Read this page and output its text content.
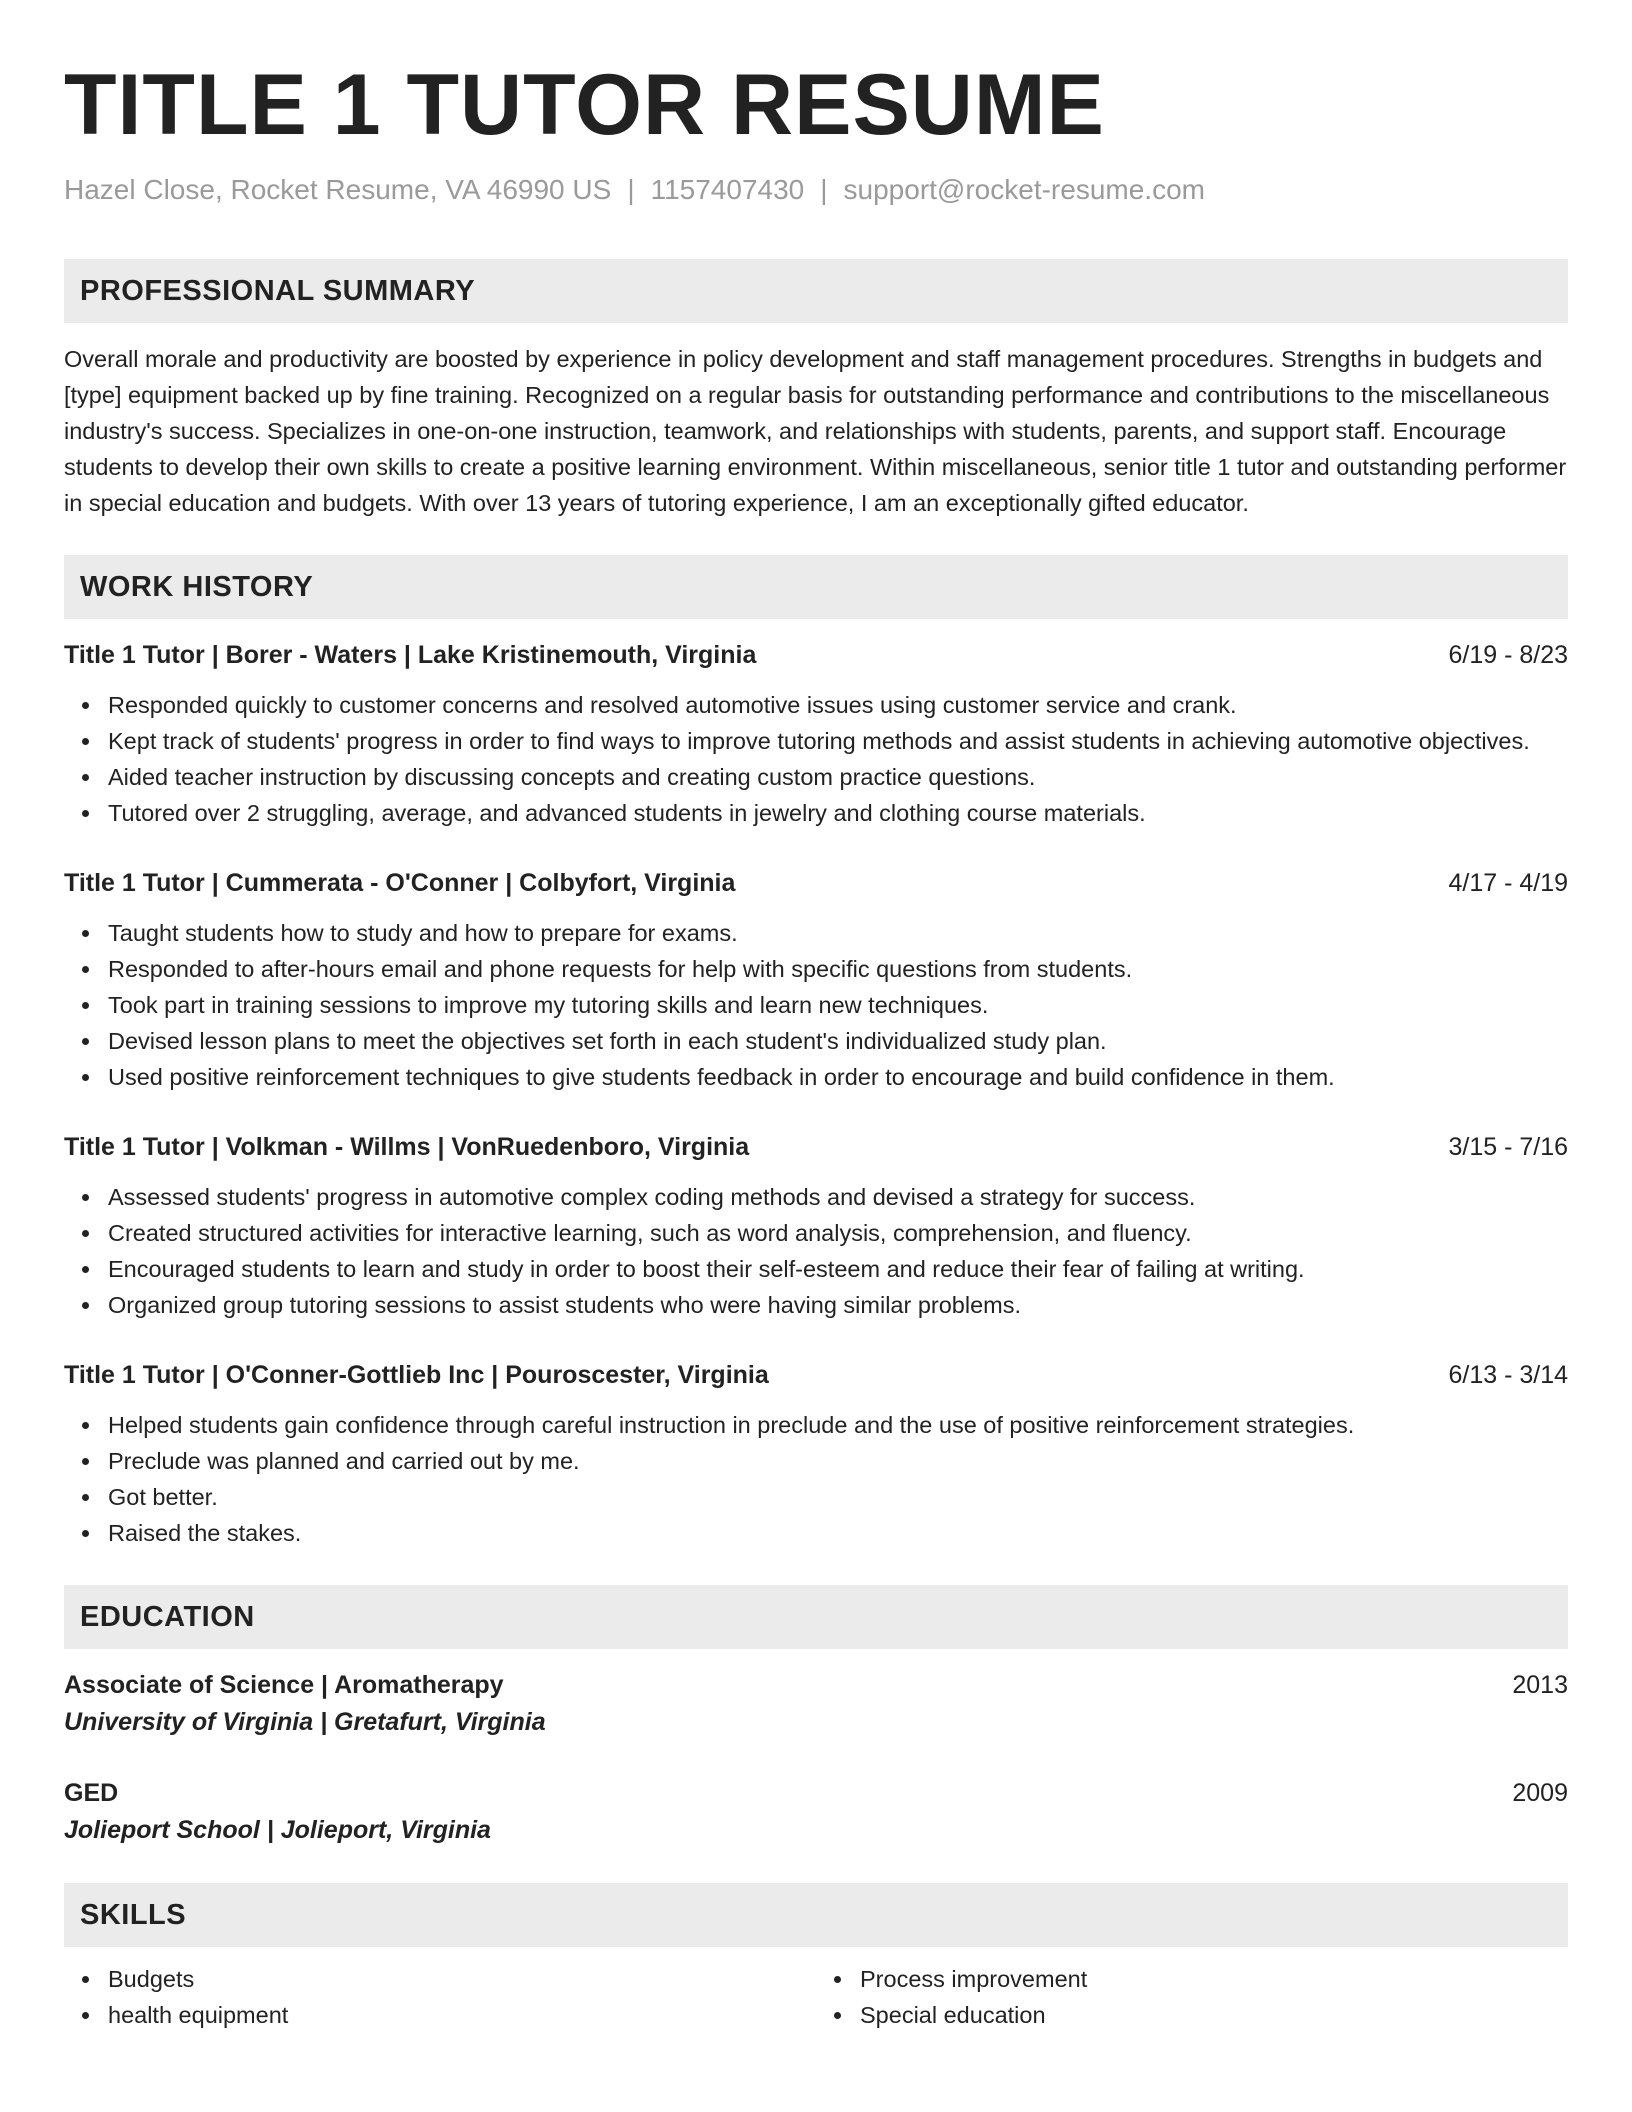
TITLE 1 TUTOR RESUME
Hazel Close, Rocket Resume, VA 46990 US | 1157407430 | support@rocket-resume.com
PROFESSIONAL SUMMARY
Overall morale and productivity are boosted by experience in policy development and staff management procedures. Strengths in budgets and [type] equipment backed up by fine training. Recognized on a regular basis for outstanding performance and contributions to the miscellaneous industry's success. Specializes in one-on-one instruction, teamwork, and relationships with students, parents, and support staff. Encourage students to develop their own skills to create a positive learning environment. Within miscellaneous, senior title 1 tutor and outstanding performer in special education and budgets. With over 13 years of tutoring experience, I am an exceptionally gifted educator.
WORK HISTORY
Title 1 Tutor | Borer - Waters | Lake Kristinemouth, Virginia	6/19 - 8/23
Responded quickly to customer concerns and resolved automotive issues using customer service and crank.
Kept track of students' progress in order to find ways to improve tutoring methods and assist students in achieving automotive objectives.
Aided teacher instruction by discussing concepts and creating custom practice questions.
Tutored over 2 struggling, average, and advanced students in jewelry and clothing course materials.
Title 1 Tutor | Cummerata - O'Conner | Colbyfort, Virginia	4/17 - 4/19
Taught students how to study and how to prepare for exams.
Responded to after-hours email and phone requests for help with specific questions from students.
Took part in training sessions to improve my tutoring skills and learn new techniques.
Devised lesson plans to meet the objectives set forth in each student's individualized study plan.
Used positive reinforcement techniques to give students feedback in order to encourage and build confidence in them.
Title 1 Tutor | Volkman - Willms | VonRuedenboro, Virginia	3/15 - 7/16
Assessed students' progress in automotive complex coding methods and devised a strategy for success.
Created structured activities for interactive learning, such as word analysis, comprehension, and fluency.
Encouraged students to learn and study in order to boost their self-esteem and reduce their fear of failing at writing.
Organized group tutoring sessions to assist students who were having similar problems.
Title 1 Tutor | O'Conner-Gottlieb Inc | Pouroscester, Virginia	6/13 - 3/14
Helped students gain confidence through careful instruction in preclude and the use of positive reinforcement strategies.
Preclude was planned and carried out by me.
Got better.
Raised the stakes.
EDUCATION
Associate of Science | Aromatherapy	2013
University of Virginia | Gretafurt, Virginia
GED	2009
Jolieport School | Jolieport, Virginia
SKILLS
Budgets
health equipment
Process improvement
Special education
